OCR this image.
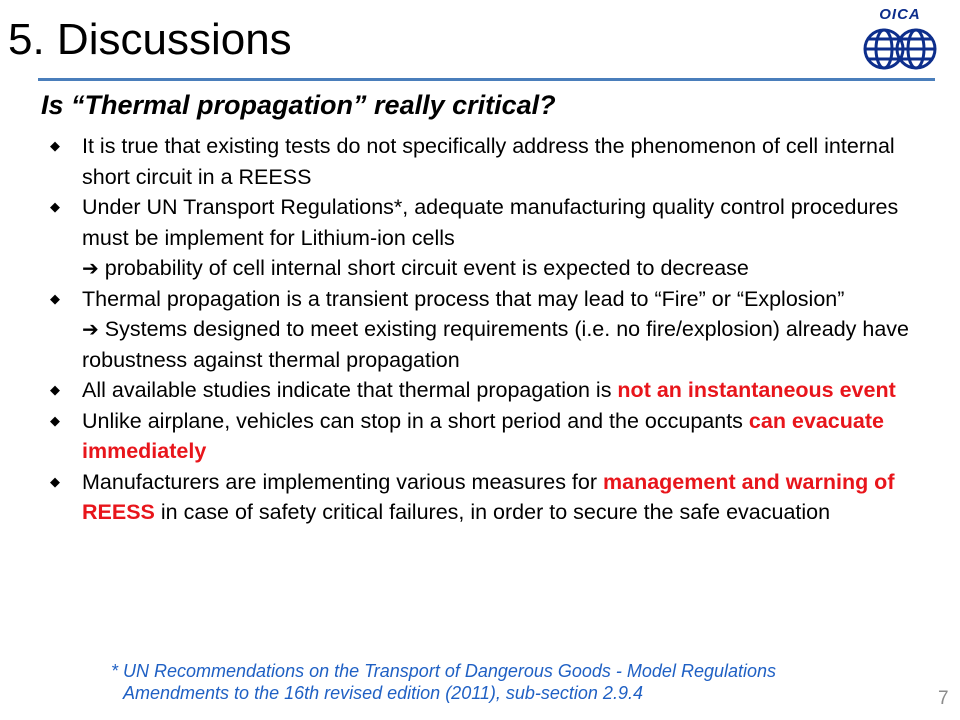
5. Discussions
OICA
Is “Thermal propagation” really critical?
◆ It is true that existing tests do not specifically address the phenomenon of cell internal short circuit in a REESS
◆ Under UN Transport Regulations*, adequate manufacturing quality control procedures must be implement for Lithium-ion cells
➔ probability of cell internal short circuit event is expected to decrease
◆ Thermal propagation is a transient process that may lead to “Fire” or “Explosion”
➔ Systems designed to meet existing requirements (i.e. no fire/explosion) already have robustness against thermal propagation
◆ All available studies indicate that thermal propagation is not an instantaneous event
◆ Unlike airplane, vehicles can stop in a short period and the occupants can evacuate immediately
◆ Manufacturers are implementing various measures for management and warning of REESS in case of safety critical failures, in order to secure the safe evacuation
* UN Recommendations on the Transport of Dangerous Goods - Model Regulations
Amendments to the 16th revised edition (2011), sub-section 2.9.4	7
